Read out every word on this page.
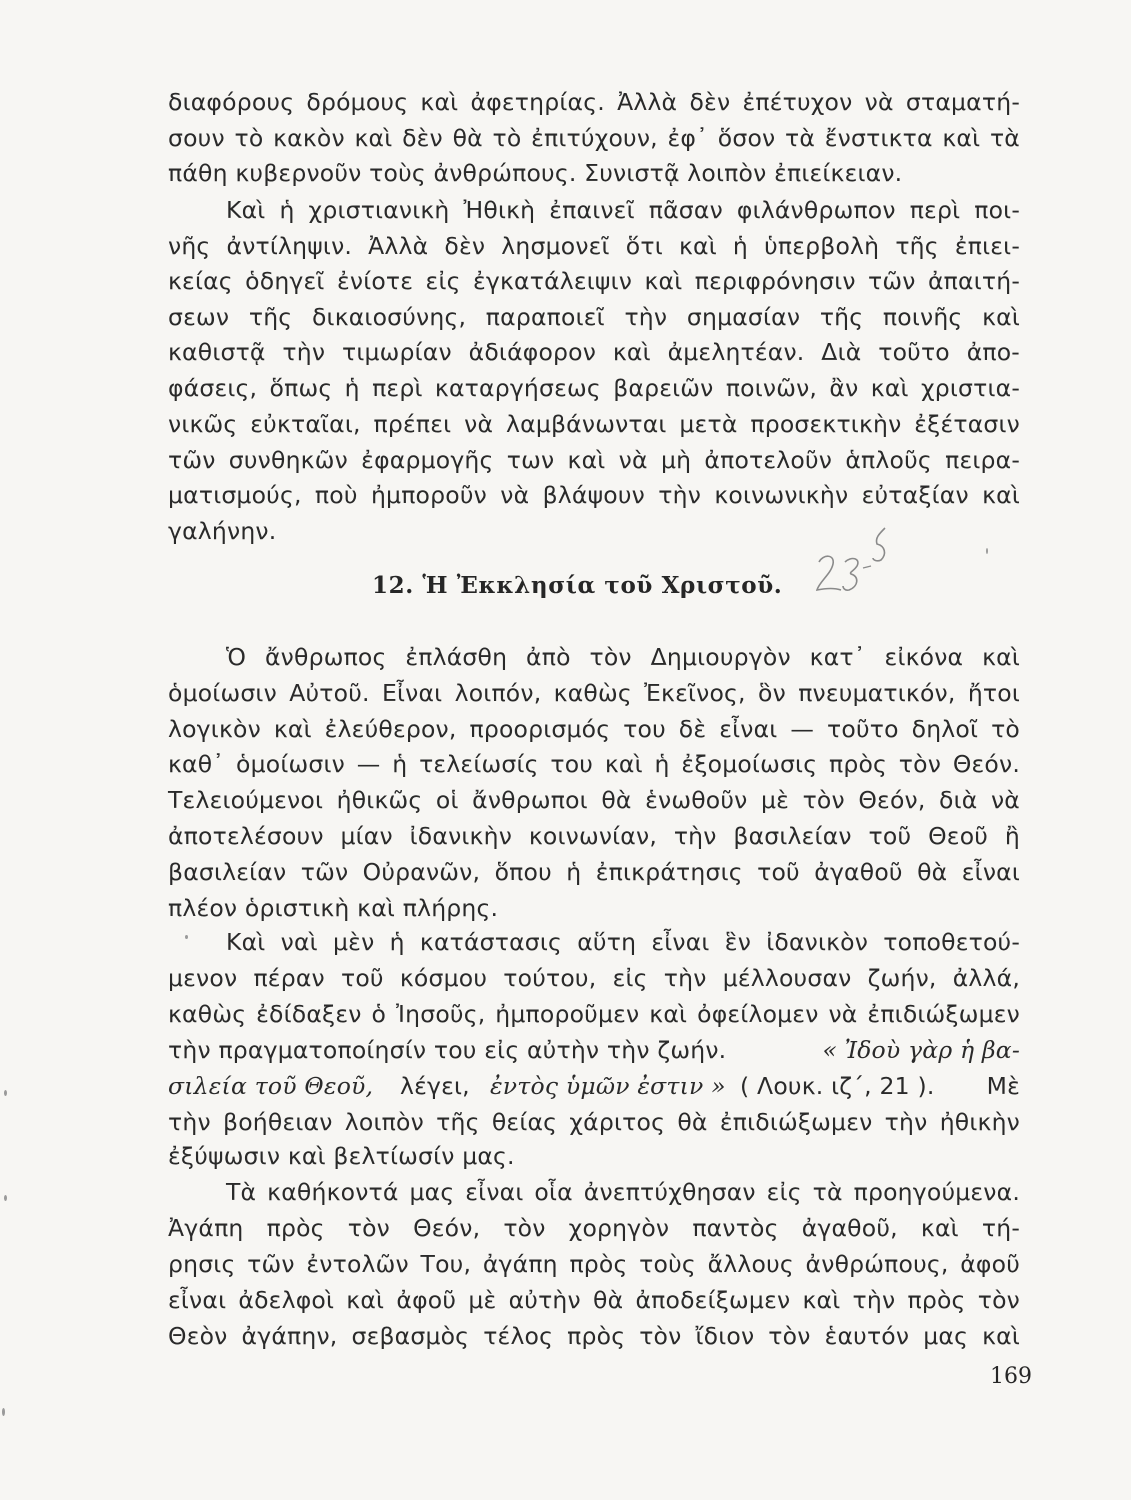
διαφόρους δρόμους καὶ ἀφετηρίας. Ἀλλὰ δὲν ἐπέτυχον νὰ σταματή-
σουν τὸ κακὸν καὶ δὲν θὰ τὸ ἐπιτύχουν, ἐφ᾽ ὅσον τὰ ἔνστικτα καὶ τὰ
πάθη κυβερνοῦν τοὺς ἀνθρώπους. Συνιστᾷ λοιπὸν ἐπιείκειαν.
Καὶ ἡ χριστιανικὴ Ἠθικὴ ἐπαινεῖ πᾶσαν φιλάνθρωπον περὶ ποι-
νῆς ἀντίληψιν. Ἀλλὰ δὲν λησμονεῖ ὅτι καὶ ἡ ὑπερβολὴ τῆς ἐπιει-
κείας ὁδηγεῖ ἐνίοτε εἰς ἐγκατάλειψιν καὶ περιφρόνησιν τῶν ἀπαιτή-
σεων τῆς δικαιοσύνης, παραποιεῖ τὴν σημασίαν τῆς ποινῆς καὶ
καθιστᾷ τὴν τιμωρίαν ἀδιάφορον καὶ ἀμελητέαν. Διὰ τοῦτο ἀπο-
φάσεις, ὅπως ἡ περὶ καταργήσεως βαρειῶν ποινῶν, ἂν καὶ χριστια-
νικῶς εὐκταῖαι, πρέπει νὰ λαμβάνωνται μετὰ προσεκτικὴν ἐξέτασιν
τῶν συνθηκῶν ἐφαρμογῆς των καὶ νὰ μὴ ἀποτελοῦν ἁπλοῦς πειρα-
ματισμούς, ποὺ ἠμποροῦν νὰ βλάψουν τὴν κοινωνικὴν εὐταξίαν καὶ
γαλήνην.
12. Ἡ Ἐκκλησία τοῦ Χριστοῦ.
Ὁ ἄνθρωπος ἐπλάσθη ἀπὸ τὸν Δημιουργὸν κατ᾽ εἰκόνα καὶ
ὁμοίωσιν Αὐτοῦ. Εἶναι λοιπόν, καθὼς Ἐκεῖνος, ὃν πνευματικόν, ἤτοι
λογικὸν καὶ ἐλεύθερον, προορισμός του δὲ εἶναι — τοῦτο δηλοῖ τὸ
καθ᾽ ὁμοίωσιν — ἡ τελείωσίς του καὶ ἡ ἐξομοίωσις πρὸς τὸν Θεόν.
Τελειούμενοι ἠθικῶς οἱ ἄνθρωποι θὰ ἑνωθοῦν μὲ τὸν Θεόν, διὰ νὰ
ἀποτελέσουν μίαν ἰδανικὴν κοινωνίαν, τὴν βασιλείαν τοῦ Θεοῦ ἢ
βασιλείαν τῶν Οὐρανῶν, ὅπου ἡ ἐπικράτησις τοῦ ἀγαθοῦ θὰ εἶναι
πλέον ὁριστικὴ καὶ πλήρης.
Καὶ ναὶ μὲν ἡ κατάστασις αὕτη εἶναι ἓν ἰδανικὸν τοποθετού-
μενον πέραν τοῦ κόσμου τούτου, εἰς τὴν μέλλουσαν ζωήν, ἀλλά,
καθὼς ἐδίδαξεν ὁ Ἰησοῦς, ἠμποροῦμεν καὶ ὀφείλομεν νὰ ἐπιδιώξωμεν
τὴν πραγματοποίησίν του εἰς αὐτὴν τὴν ζωήν.	« Ἰδοὺ γὰρ ἡ βα-
σιλεία τοῦ Θεοῦ, λέγει, ἐντὸς ὑμῶν ἐστιν » ( Λουκ. ιζ΄, 21 ). Μὲ
τὴν βοήθειαν λοιπὸν τῆς θείας χάριτος θὰ ἐπιδιώξωμεν τὴν ἠθικὴν
ἐξύψωσιν καὶ βελτίωσίν μας.
Τὰ καθήκοντά μας εἶναι οἷα ἀνεπτύχθησαν εἰς τὰ προηγούμενα.
Ἀγάπη πρὸς τὸν Θεόν, τὸν χορηγὸν παντὸς ἀγαθοῦ, καὶ τή-
ρησις τῶν ἐντολῶν Του, ἀγάπη πρὸς τοὺς ἄλλους ἀνθρώπους, ἀφοῦ
εἶναι ἀδελφοὶ καὶ ἀφοῦ μὲ αὐτὴν θὰ ἀποδείξωμεν καὶ τὴν πρὸς τὸν
Θεὸν ἀγάπην, σεβασμὸς τέλος πρὸς τὸν ἴδιον τὸν ἑαυτόν μας καὶ
169
